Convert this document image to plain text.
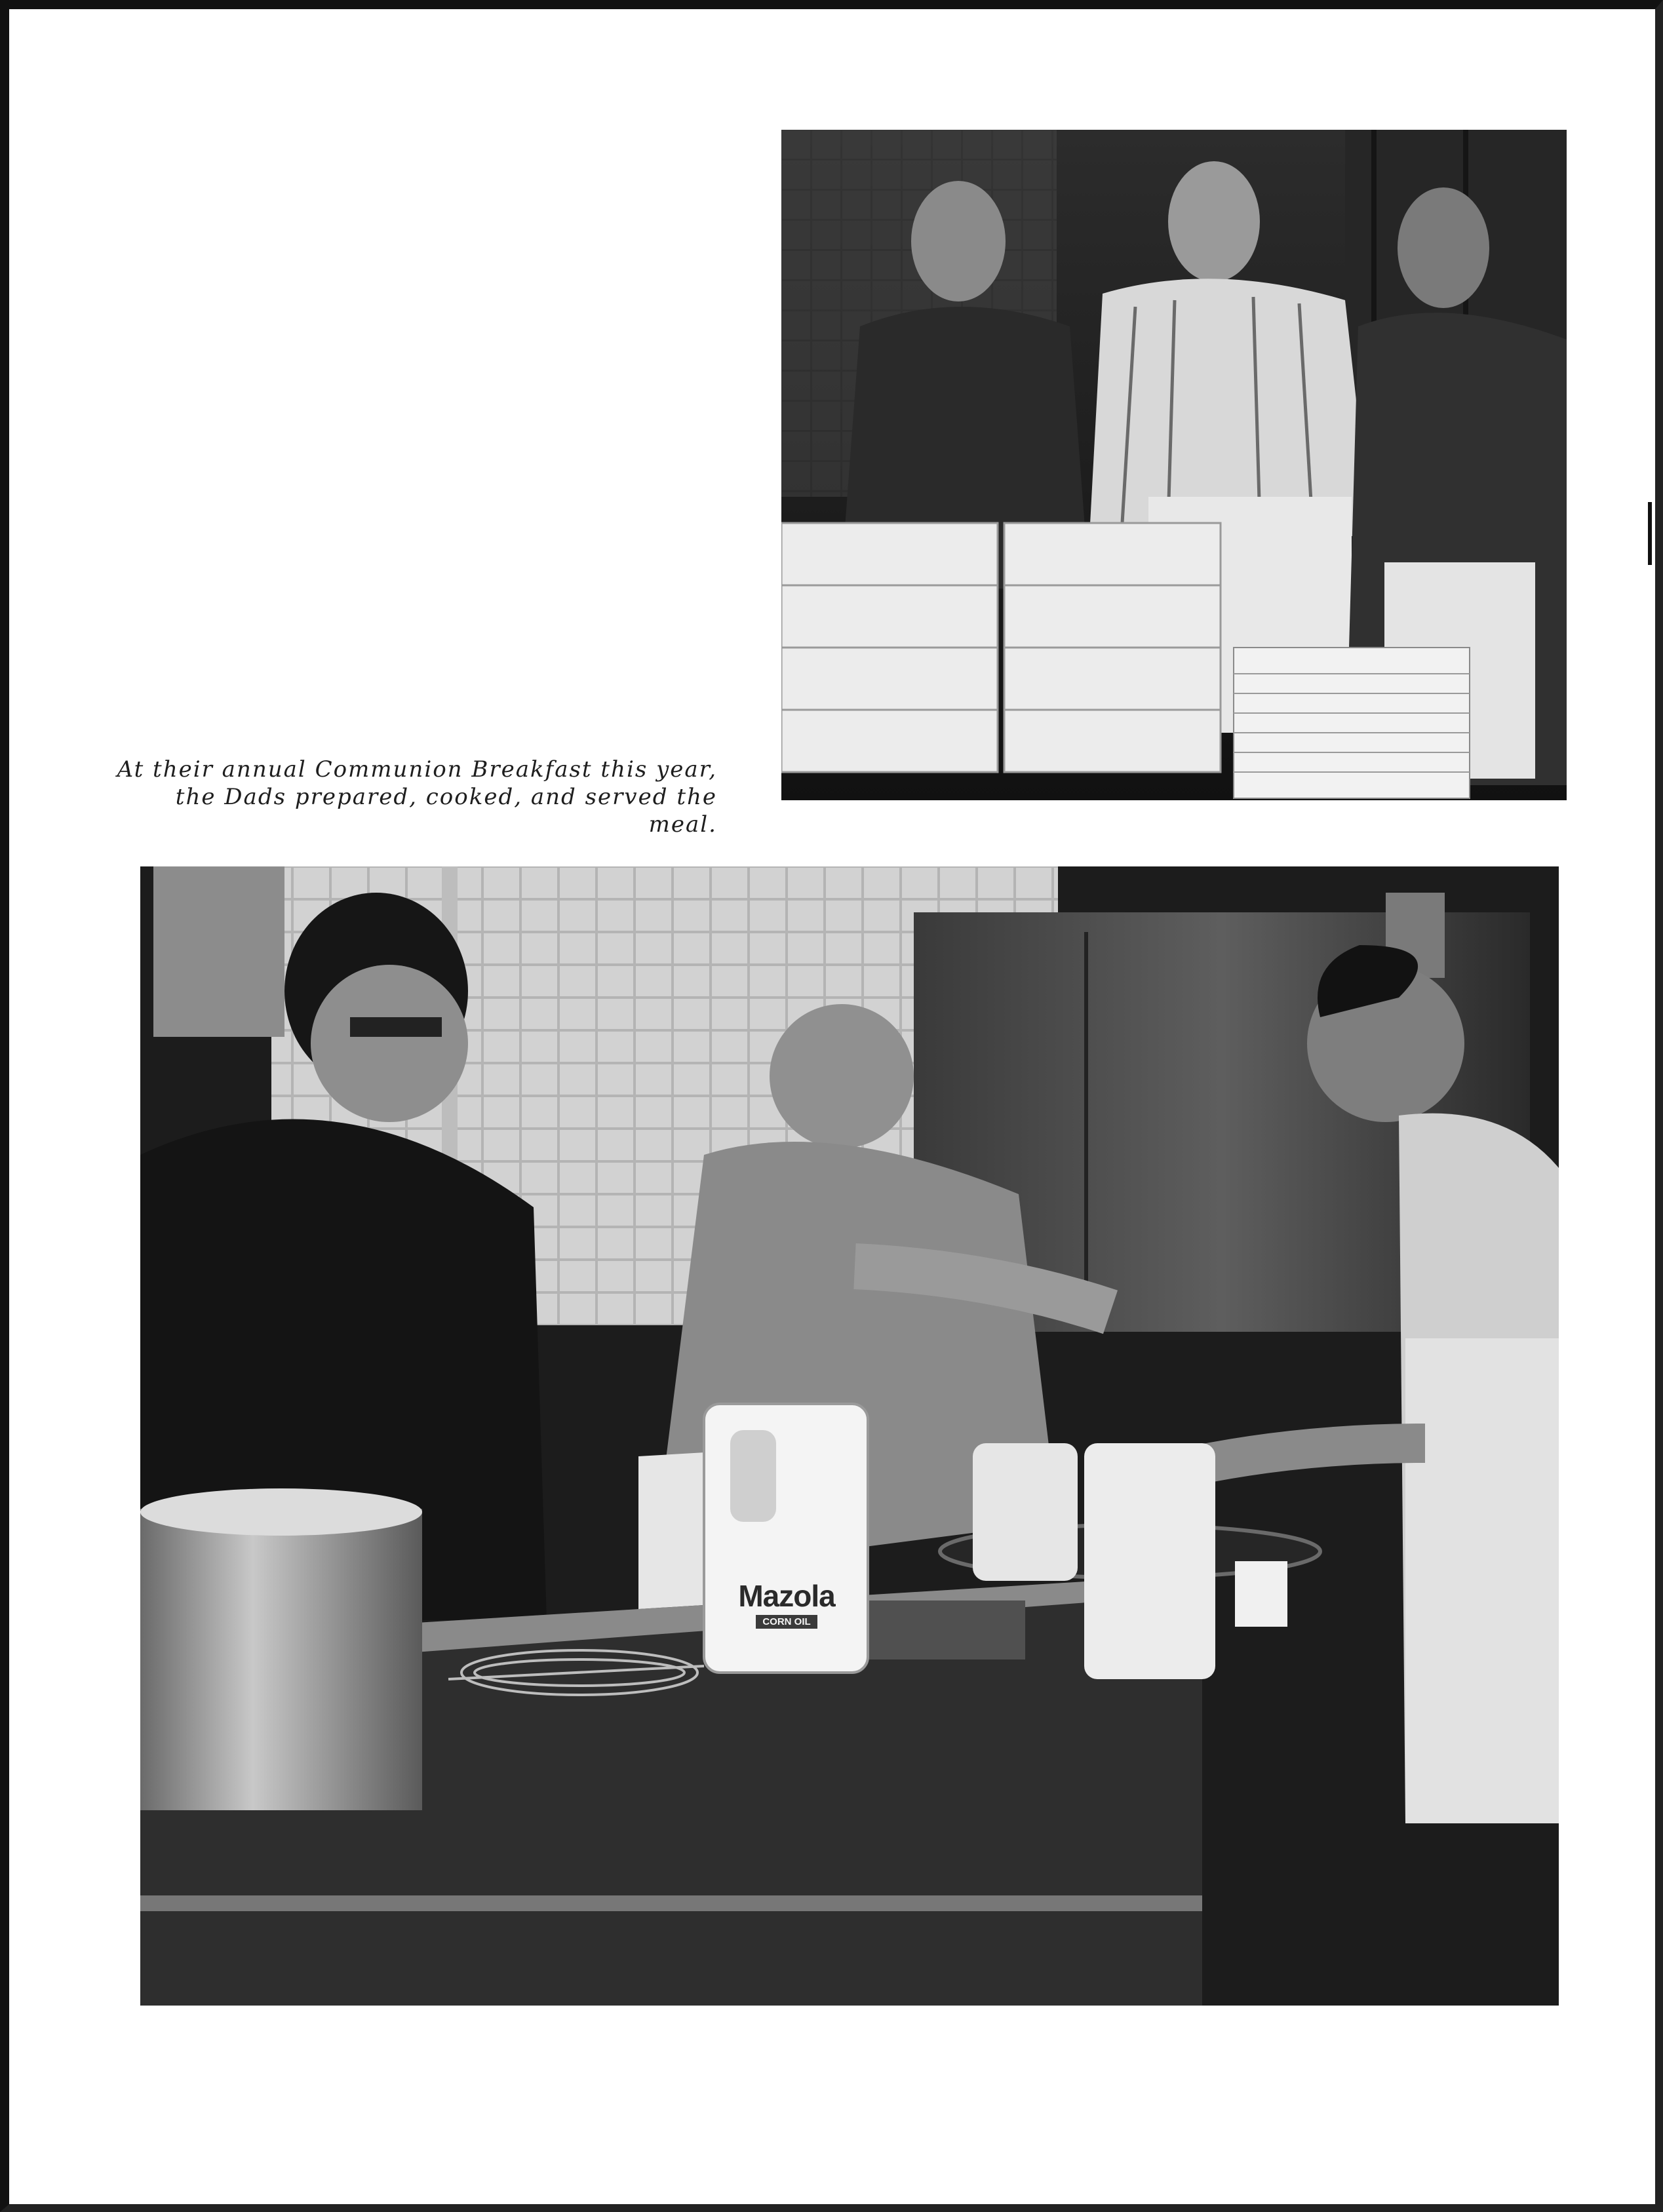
At their annual Communion Breakfast this year,
the Dads prepared, cooked, and served the meal.
Mazola
CORN OIL
